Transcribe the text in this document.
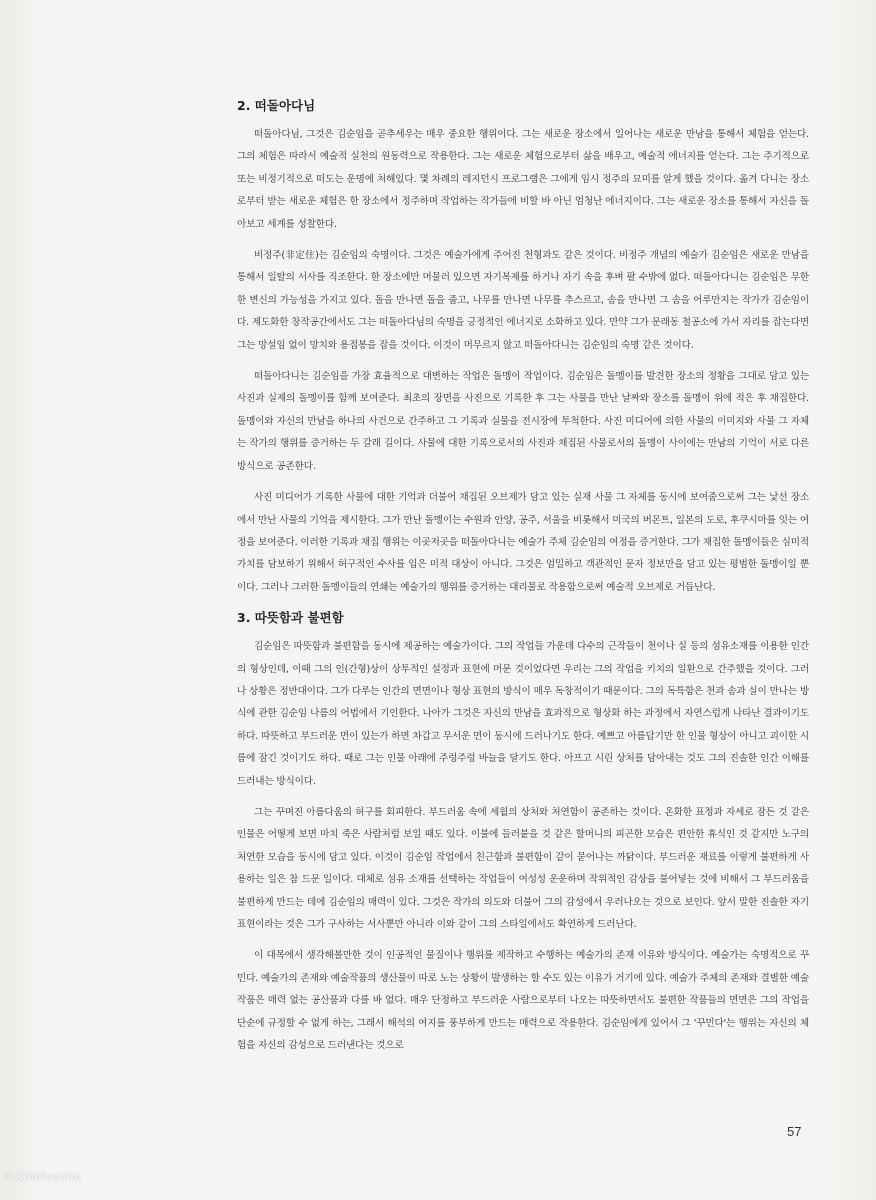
2. 떠돌아다님

떠돌아다님, 그것은 김순임을 곧추세우는 매우 중요한 행위이다. 그는 새로운 장소에서 일어나는 새로운 만남을 통해서 체험을 얻는다. 그의 체험은 따라서 예술적 실천의 원동력으로 작용한다. 그는 새로운 체험으로부터 삶을 배우고, 예술적 에너지를 얻는다. 그는 주기적으로 또는 비정기적으로 떠도는 운명에 처해있다. 몇 차례의 레지던시 프로그램은 그에게 임시 정주의 묘미를 알게 했을 것이다. 옮겨 다니는 장소로부터 받는 새로운 체험은 한 장소에서 정주하며 작업하는 작가들에 비할 바 아닌 엄청난 에너지이다. 그는 새로운 장소를 통해서 자신을 돌아보고 세계를 성찰한다.

비정주(非定住)는 김순임의 숙명이다. 그것은 예술가에게 주어진 천형과도 같은 것이다. 비정주 개념의 예술가 김순임은 새로운 만남을 통해서 일탈의 서사를 직조한다. 한 장소에만 머물러 있으면 자기복제를 하거나 자기 속을 후벼 팔 수밖에 없다. 떠돌아다니는 김순임은 무한한 변신의 가능성을 가지고 있다. 돌을 만나면 돌을 줍고, 나무를 만나면 나무를 추스르고, 솜을 만나면 그 솜을 어루만지는 작가가 김순임이다. 제도화한 창작공간에서도 그는 떠돌아다님의 숙명을 긍정적인 에너지로 소화하고 있다. 만약 그가 문래동 철공소에 가서 자리를 잡는다면 그는 망설임 없이 망치와 용접봉을 잡을 것이다. 이것이 머무르지 않고 떠돌아다니는 김순임의 숙명 같은 것이다.

떠돌아다니는 김순임을 가장 효율적으로 대변하는 작업은 돌멩이 작업이다. 김순임은 돌멩이를 발견한 장소의 정황을 그대로 담고 있는 사진과 실제의 돌멩이를 함께 보여준다. 최초의 장면을 사진으로 기록한 후 그는 사물을 만난 날짜와 장소를 돌멩이 위에 적은 후 채집한다. 돌멩이와 자신의 만남을 하나의 사건으로 간주하고 그 기록과 실물을 전시장에 투척한다. 사진 미디어에 의한 사물의 이미지와 사물 그 자체는 작가의 행위를 증거하는 두 갈래 길이다. 사물에 대한 기록으로서의 사진과 채집된 사물로서의 돌멩이 사이에는 만남의 기억이 서로 다른 방식으로 공존한다.

사진 미디어가 기록한 사물에 대한 기억과 더불어 채집된 오브제가 담고 있는 실재 사물 그 자체를 동시에 보여줌으로써 그는 낯선 장소에서 만난 사물의 기억을 제시한다. 그가 만난 돌멩이는 수원과 안양, 공주, 서울을 비롯해서 미국의 버몬트, 일본의 도로, 후쿠시마를 잇는 여정을 보여준다. 이러한 기록과 채집 행위는 이곳저곳을 떠돌아다니는 예술가 주체 김순임의 여정을 증거한다. 그가 채집한 돌멩이들은 심미적 가치를 담보하기 위해서 허구적인 수사를 입은 미적 대상이 아니다. 그것은 엄밀하고 객관적인 문자 정보만을 담고 있는 평범한 돌멩이일 뿐이다. 그러나 그러한 돌멩이들의 연쇄는 예술가의 행위를 증거하는 대리물로 작용함으로써 예술적 오브제로 거듭난다.

3. 따뜻함과 불편함

김순임은 따뜻함과 불편함을 동시에 제공하는 예술가이다. 그의 작업들 가운데 다수의 근작들이 천이나 실 등의 섬유소재를 이용한 인간의 형상인데, 이때 그의 인(간형)상이 상투적인 설정과 표현에 머문 것이었다면 우리는 그의 작업을 키치의 일환으로 간주했을 것이다. 그러나 상황은 정반대이다. 그가 다루는 인간의 면면이나 형상 표현의 방식이 매우 독창적이기 때문이다. 그의 독특함은 천과 솜과 실이 만나는 방식에 관한 김순임 나름의 어법에서 기인한다. 나아가 그것은 자신의 만남을 효과적으로 형상화 하는 과정에서 자연스럽게 나타난 결과이기도 하다. 따뜻하고 부드러운 면이 있는가 하면 차갑고 무서운 면이 동시에 드러나기도 한다. 예쁘고 아름답기만 한 인물 형상이 아니고 괴이한 시름에 잠긴 것이기도 하다. 때로 그는 인물 아래에 주렁주렁 바늘을 달기도 한다. 아프고 시린 상처를 담아내는 것도 그의 진솔한 인간 이해를 드러내는 방식이다.

그는 꾸며진 아름다움의 허구를 회피한다. 부드러움 속에 세월의 상처와 처연함이 공존하는 것이다. 온화한 표정과 자세로 잠든 것 같은 인물은 어떻게 보면 마치 죽은 사람처럼 보일 때도 있다. 이불에 들러붙을 것 같은 할머니의 피곤한 모습은 편안한 휴식인 것 같지만 노구의 처연한 모습을 동시에 담고 있다. 이것이 김순임 작업에서 친근함과 불편함이 같이 묻어나는 까닭이다. 부드러운 재료를 이렇게 불편하게 사용하는 일은 참 드문 일이다. 대체로 섬유 소재를 선택하는 작업들이 여성성 운운하며 작위적인 감상을 불어넣는 것에 비해서 그 부드러움을 불편하게 만드는 데에 김순임의 매력이 있다. 그것은 작가의 의도와 더불어 그의 감성에서 우러나오는 것으로 보인다. 앞서 말한 진솔한 자기표현이라는 것은 그가 구사하는 서사뿐만 아니라 이와 같이 그의 스타일에서도 확연하게 드러난다.

이 대목에서 생각해볼만한 것이 인공적인 물질이나 행위를 제작하고 수행하는 예술가의 존재 이유와 방식이다. 예술가는 숙명적으로 꾸민다. 예술가의 존재와 예술작품의 생산물이 따로 노는 상황이 발생하는 할 수도 있는 이유가 거기에 있다. 예술가 주체의 존재와 결별한 예술 작품은 매력 없는 공산품과 다를 바 없다. 매우 단정하고 부드러운 사람으로부터 나오는 따뜻하면서도 불편한 작품들의 면면은 그의 작업을 단순에 규정할 수 없게 하는, 그래서 해석의 여지를 풍부하게 만드는 매력으로 작용한다. 김순임에게 있어서 그 '꾸민다'는 행위는 자신의 체험을 자신의 감성으로 드러낸다는 것으로

57
©KimSoonim
